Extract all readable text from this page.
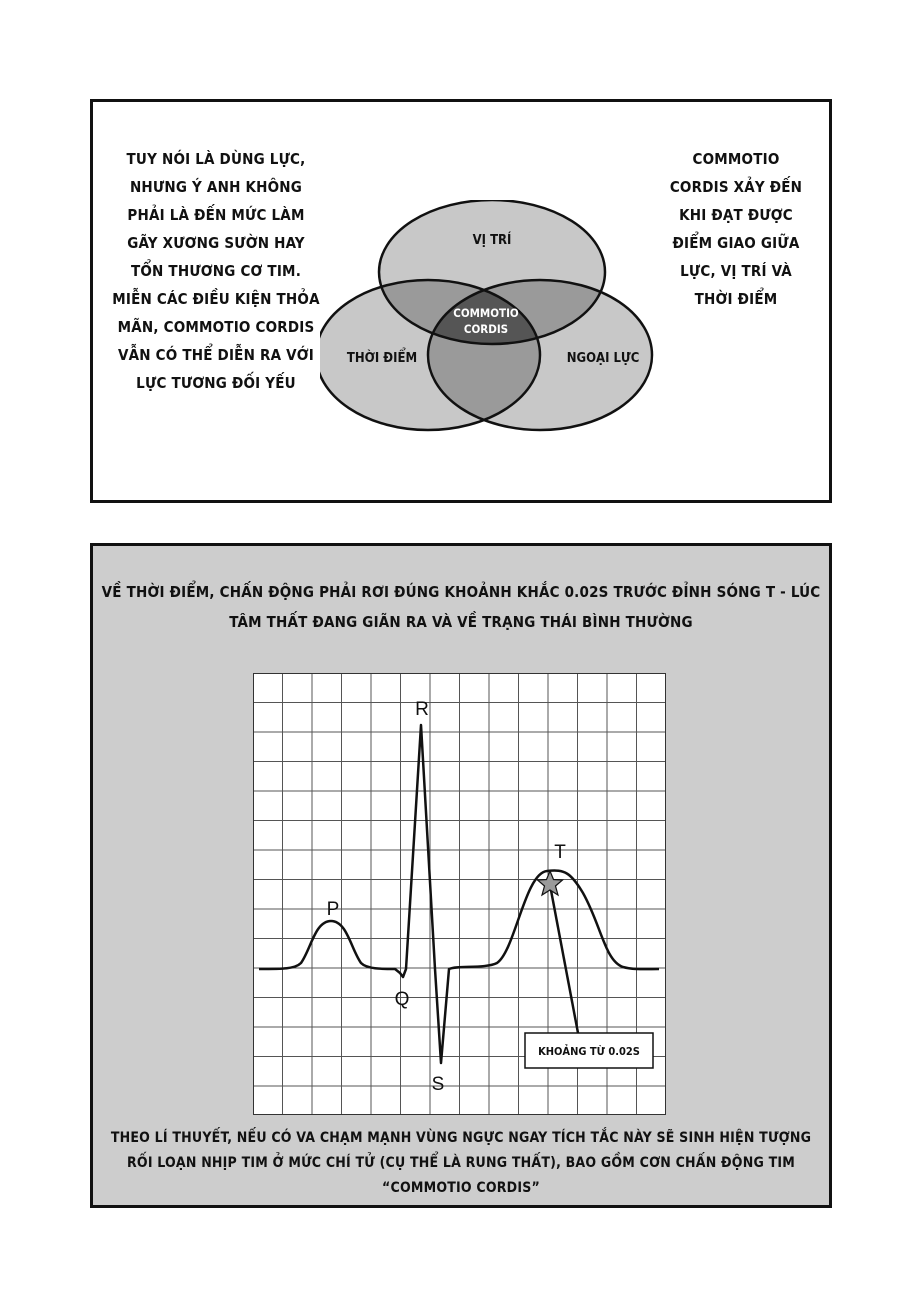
TUY NÓI LÀ DÙNG LỰC, NHƯNG Ý ANH KHÔNG PHẢI LÀ ĐẾN MỨC LÀM GÃY XƯƠNG SƯỜN HAY TỔN THƯƠNG CƠ TIM. MIỄN CÁC ĐIỀU KIỆN THỎA MÃN, COMMOTIO CORDIS VẪN CÓ THỂ DIỄN RA VỚI LỰC TƯƠNG ĐỐI YẾU
COMMOTIO CORDIS XẢY ĐẾN KHI ĐẠT ĐƯỢC ĐIỂM GIAO GIỮA LỰC, VỊ TRÍ VÀ THỜI ĐIỂM
VỊ TRÍ
THỜI ĐIỂM	NGOẠI LỰC
COMMOTIO
CORDIS
VỀ THỜI ĐIỂM, CHẤN ĐỘNG PHẢI RƠI ĐÚNG KHOẢNH KHẮC 0.02S TRƯỚC ĐỈNH SÓNG T - LÚC TÂM THẤT ĐANG GIÃN RA VÀ VỀ TRẠNG THÁI BÌNH THƯỜNG
KHOẢNG TỪ 0.02S
P
Q
R
S
T
THEO LÍ THUYẾT, NẾU CÓ VA CHẠM MẠNH VÙNG NGỰC NGAY TÍCH TẮC NÀY SẼ SINH HIỆN TƯỢNG RỐI LOẠN NHỊP TIM Ở MỨC CHÍ TỬ (CỤ THỂ LÀ RUNG THẤT), BAO GỒM CƠN CHẤN ĐỘNG TIM “COMMOTIO CORDIS”
